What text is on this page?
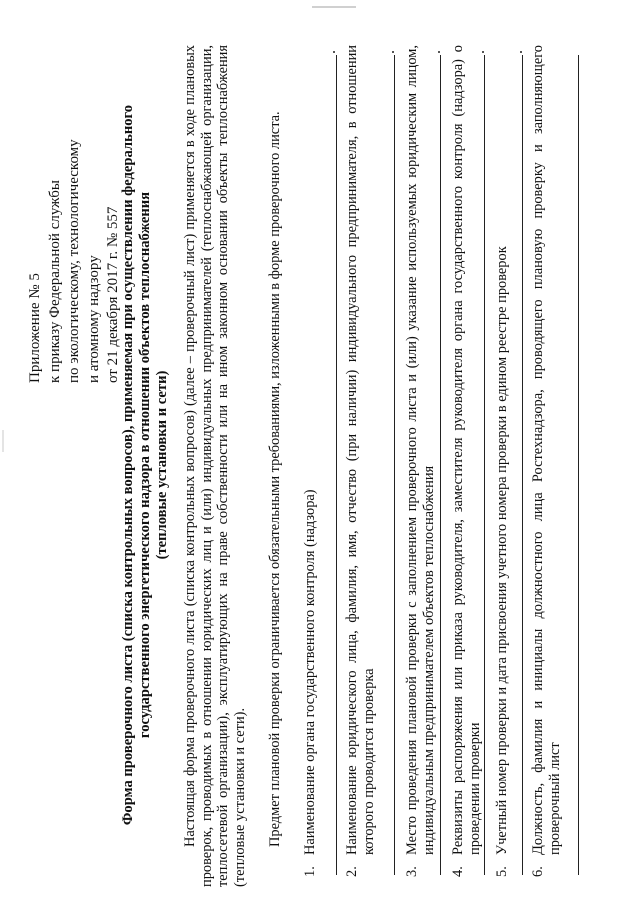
Приложение № 5 к приказу Федеральной службы по экологическому, технологическому и атомному надзору от 21 декабря 2017 г. № 557 Форма проверочного листа (списка контрольных вопросов), применяемая при осуществлении федерального государственного энергетического надзора в отношении объектов теплоснабжения (тепловые установки и сети) Настоящая форма проверочного листа (списка контрольных вопросов) (далее – проверочный лист) применяется в ходе плановых проверок, проводимых в отношении юридических лиц и (или) индивидуальных предпринимателей (теплоснабжающей организации, теплосетевой организации), эксплуатирующих на праве собственности или на ином законном основании объекты теплоснабжения (тепловые установки и сети). Предмет плановой проверки ограничивается обязательными требованиями, изложенными в форме проверочного листа.
1.
Наименование органа государственного контроля (надзора)
2.
Наименование юридического лица, фамилия, имя, отчество (при наличии) индивидуального предпринимателя, в отношении которого проводится проверка
3.
Место проведения плановой проверки с заполнением проверочного листа и (или) указание используемых юридическим лицом, индивидуальным предпринимателем объектов теплоснабжения
4.
Реквизиты распоряжения или приказа руководителя, заместителя руководителя органа государственного контроля (надзора) о проведении проверки
5.
Учетный номер проверки и дата присвоения учетного номера проверки в едином реестре проверок
6.
Должность, фамилия и инициалы должностного лица Ростехнадзора, проводящего плановую проверку и заполняющего проверочный лист
